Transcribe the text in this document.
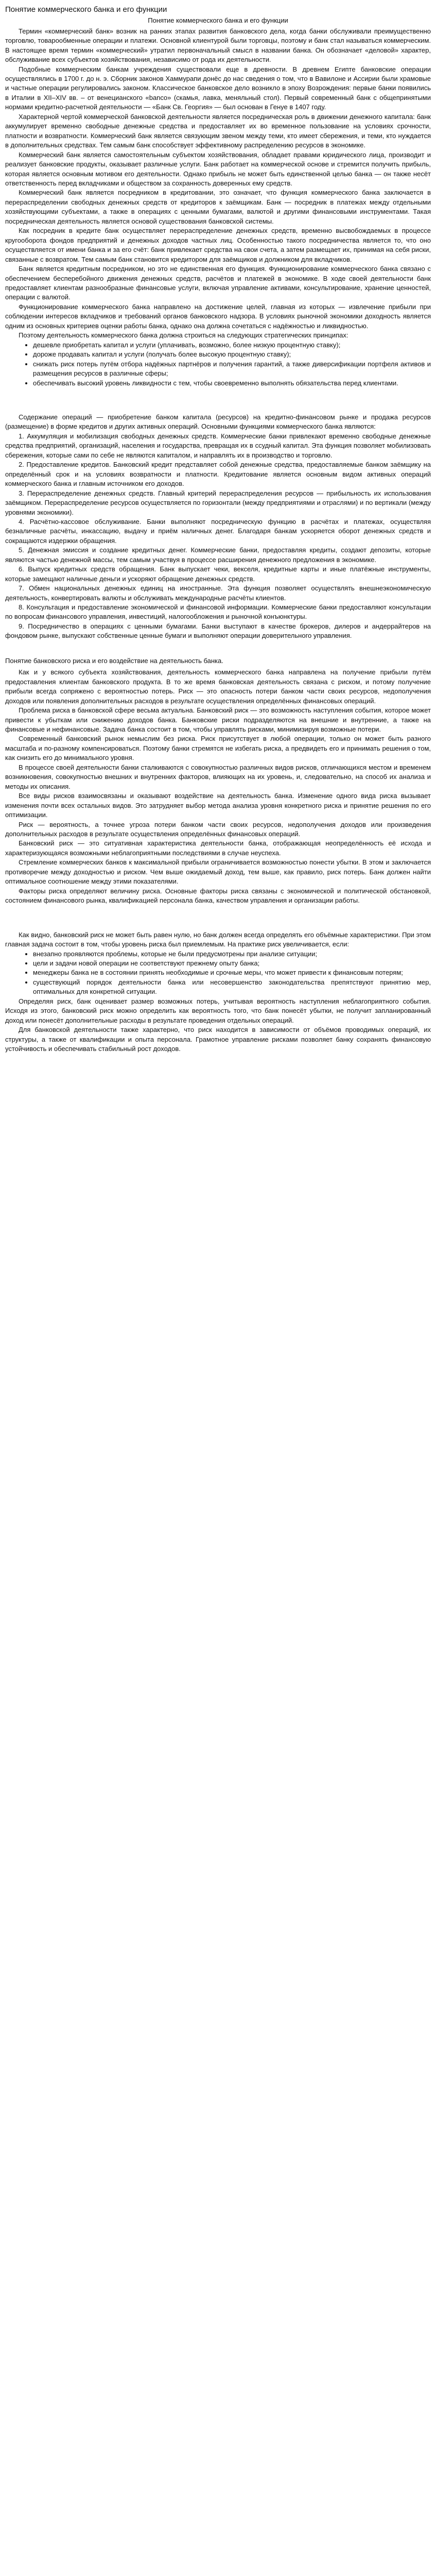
Понятие коммерческого банка и его функции
Понятие коммерческого банка и его функции

Термин «коммерческий банк» возник на ранних этапах развития банковского дела, когда банки обслуживали преимущественно торговлю, товарообменные операции и платежи. Основной клиентурой были торговцы, поэтому и банк стал называться коммерческим. В настоящее время термин «коммерческий» утратил первоначальный смысл в названии банка. Он обозначает «деловой» характер, обслуживание всех субъектов хозяйствования, независимо от рода их деятельности.

Подобные коммерческим банкам учреждения существовали еще в древности. В древнем Египте банковские операции осуществлялись в 1700 г. до н. э. Сборник законов Хаммурапи донёс до нас сведения о том, что в Вавилоне и Ассирии были храмовые и частные операции регулировались законом. Классическое банковское дело возникло в эпоху Возрождения: первые банки появились в Италии в XII–XIV вв. – от венецианского «banco» (скамья, лавка, меняльный стол). Первый современный банк с общепринятыми нормами кредитно-расчетной деятельности — «Банк Св. Георгия» — был основан в Генуе в 1407 году.

Характерной чертой коммерческой банковской деятельности является посредническая роль в движении денежного капитала: банк аккумулирует временно свободные денежные средства и предоставляет их во временное пользование на условиях срочности, платности и возвратности. Коммерческий банк является связующим звеном между теми, кто имеет сбережения, и теми, кто нуждается в дополнительных средствах. Тем самым банк способствует эффективному распределению ресурсов в экономике.

Коммерческий банк является самостоятельным субъектом хозяйствования, обладает правами юридического лица, производит и реализует банковские продукты, оказывает различные услуги. Банк работает на коммерческой основе и стремится получить прибыль, которая является основным мотивом его деятельности. Однако прибыль не может быть единственной целью банка — он также несёт ответственность перед вкладчиками и обществом за сохранность доверенных ему средств.

Коммерческий банк является посредником в кредитовании, это означает, что функция коммерческого банка заключается в перераспределении свободных денежных средств от кредиторов к заёмщикам. Банк — посредник в платежах между отдельными хозяйствующими субъектами, а также в операциях с ценными бумагами, валютой и другими финансовыми инструментами. Такая посредническая деятельность является основой существования банковской системы.

Как посредник в кредите банк осуществляет перераспределение денежных средств, временно высвобождаемых в процессе кругооборота фондов предприятий и денежных доходов частных лиц. Особенностью такого посредничества является то, что оно осуществляется от имени банка и за его счёт: банк привлекает средства на свои счета, а затем размещает их, принимая на себя риски, связанные с возвратом. Тем самым банк становится кредитором для заёмщиков и должником для вкладчиков.

Банк является кредитным посредником, но это не единственная его функция. Функционирование коммерческого банка связано с обеспечением бесперебойного движения денежных средств, расчётов и платежей в экономике. В ходе своей деятельности банк предоставляет клиентам разнообразные финансовые услуги, включая управление активами, консультирование, хранение ценностей, операции с валютой.

Функционирование коммерческого банка направлено на достижение целей, главная из которых — извлечение прибыли при соблюдении интересов вкладчиков и требований органов банковского надзора. В условиях рыночной экономики доходность является одним из основных критериев оценки работы банка, однако она должна сочетаться с надёжностью и ликвидностью.

Поэтому деятельность коммерческого банка должна строиться на следующих стратегических принципах:

• дешевле приобретать капитал и услуги (уплачивать, возможно, более низкую процентную ставку);
• дороже продавать капитал и услуги (получать более высокую процентную ставку);
• снижать риск потерь путём отбора надёжных партнёров и получения гарантий, а также диверсификации портфеля активов и размещения ресурсов в различные сферы;
• обеспечивать высокий уровень ликвидности с тем, чтобы своевременно выполнять обязательства перед клиентами.

Содержание операций — приобретение банком капитала (ресурсов) на кредитно-финансовом рынке и продажа ресурсов (размещение) в форме кредитов и других активных операций. Основными функциями коммерческого банка являются:

1. Аккумуляция и мобилизация свободных денежных средств. Коммерческие банки привлекают временно свободные денежные средства предприятий, организаций, населения и государства, превращая их в ссудный капитал. Эта функция позволяет мобилизовать сбережения, которые сами по себе не являются капиталом, и направлять их в производство и торговлю.

2. Предоставление кредитов. Банковский кредит представляет собой денежные средства, предоставляемые банком заёмщику на определённый срок и на условиях возвратности и платности. Кредитование является основным видом активных операций коммерческого банка и главным источником его доходов.

3. Перераспределение денежных средств. Главный критерий перераспределения ресурсов — прибыльность их использования заёмщиком. Перераспределение ресурсов осуществляется по горизонтали (между предприятиями и отраслями) и по вертикали (между уровнями экономики).

4. Расчётно-кассовое обслуживание. Банки выполняют посредническую функцию в расчётах и платежах, осуществляя безналичные расчёты, инкассацию, выдачу и приём наличных денег. Благодаря банкам ускоряется оборот денежных средств и сокращаются издержки обращения.

5. Денежная эмиссия и создание кредитных денег. Коммерческие банки, предоставляя кредиты, создают депозиты, которые являются частью денежной массы, тем самым участвуя в процессе расширения денежного предложения в экономике.

6. Выпуск кредитных средств обращения. Банк выпускает чеки, векселя, кредитные карты и иные платёжные инструменты, которые замещают наличные деньги и ускоряют обращение денежных средств.

7. Обмен национальных денежных единиц на иностранные. Эта функция позволяет осуществлять внешнеэкономическую деятельность, конвертировать валюты и обслуживать международные расчёты клиентов.

8. Консультация и предоставление экономической и финансовой информации. Коммерческие банки предоставляют консультации по вопросам финансового управления, инвестиций, налогообложения и рыночной конъюнктуры.

9. Посредничество в операциях с ценными бумагами. Банки выступают в качестве брокеров, дилеров и андеррайтеров на фондовом рынке, выпускают собственные ценные бумаги и выполняют операции доверительного управления.

Понятие банковского риска и его воздействие на деятельность банка.

Как и у всякого субъекта хозяйствования, деятельность коммерческого банка направлена на получение прибыли путём предоставления клиентам банковского продукта. В то же время банковская деятельность связана с риском, и потому получение прибыли всегда сопряжено с вероятностью потерь. Риск — это опасность потери банком части своих ресурсов, недополучения доходов или появления дополнительных расходов в результате осуществления определённых финансовых операций.

Проблема риска в банковской сфере весьма актуальна. Банковский риск — это возможность наступления события, которое может привести к убыткам или снижению доходов банка. Банковские риски подразделяются на внешние и внутренние, а также на финансовые и нефинансовые. Задача банка состоит в том, чтобы управлять рисками, минимизируя возможные потери.

Современный банковский рынок немыслим без риска. Риск присутствует в любой операции, только он может быть разного масштаба и по-разному компенсироваться. Поэтому банки стремятся не избегать риска, а предвидеть его и принимать решения о том, как снизить его до минимального уровня.

В процессе своей деятельности банки сталкиваются с совокупностью различных видов рисков, отличающихся местом и временем возникновения, совокупностью внешних и внутренних факторов, влияющих на их уровень, и, следовательно, на способ их анализа и методы их описания.

Все виды рисков взаимосвязаны и оказывают воздействие на деятельность банка. Изменение одного вида риска вызывает изменения почти всех остальных видов. Это затрудняет выбор метода анализа уровня конкретного риска и принятие решения по его оптимизации.

Риск — вероятность, а точнее угроза потери банком части своих ресурсов, недополучения доходов или произведения дополнительных расходов в результате осуществления определённых финансовых операций.

Банковский риск — это ситуативная характеристика деятельности банка, отображающая неопределённость её исхода и характеризующаяся возможными неблагоприятными последствиями в случае неуспеха.

Стремление коммерческих банков к максимальной прибыли ограничивается возможностью понести убытки. В этом и заключается противоречие между доходностью и риском. Чем выше ожидаемый доход, тем выше, как правило, риск потерь. Банк должен найти оптимальное соотношение между этими показателями.

Факторы риска определяют величину риска. Основные факторы риска связаны с экономической и политической обстановкой, состоянием финансового рынка, квалификацией персонала банка, качеством управления и организации работы.

Как видно, банковский риск не может быть равен нулю, но банк должен всегда определять его объёмные характеристики. При этом главная задача состоит в том, чтобы уровень риска был приемлемым. На практике риск увеличивается, если:

• внезапно проявляются проблемы, которые не были предусмотрены при анализе ситуации;
• цели и задачи новой операции не соответствуют прежнему опыту банка;
• менеджеры банка не в состоянии принять необходимые и срочные меры, что может привести к финансовым потерям;
• существующий порядок деятельности банка или несовершенство законодательства препятствуют принятию мер, оптимальных для конкретной ситуации.

Определяя риск, банк оценивает размер возможных потерь, учитывая вероятность наступления неблагоприятного события. Исходя из этого, банковский риск можно определить как вероятность того, что банк понесёт убытки, не получит запланированный доход или понесёт дополнительные расходы в результате проведения отдельных операций.

Для банковской деятельности также характерно, что риск находится в зависимости от объёмов проводимых операций, их структуры, а также от квалификации и опыта персонала. Грамотное управление рисками позволяет банку сохранять финансовую устойчивость и обеспечивать стабильный рост доходов.
